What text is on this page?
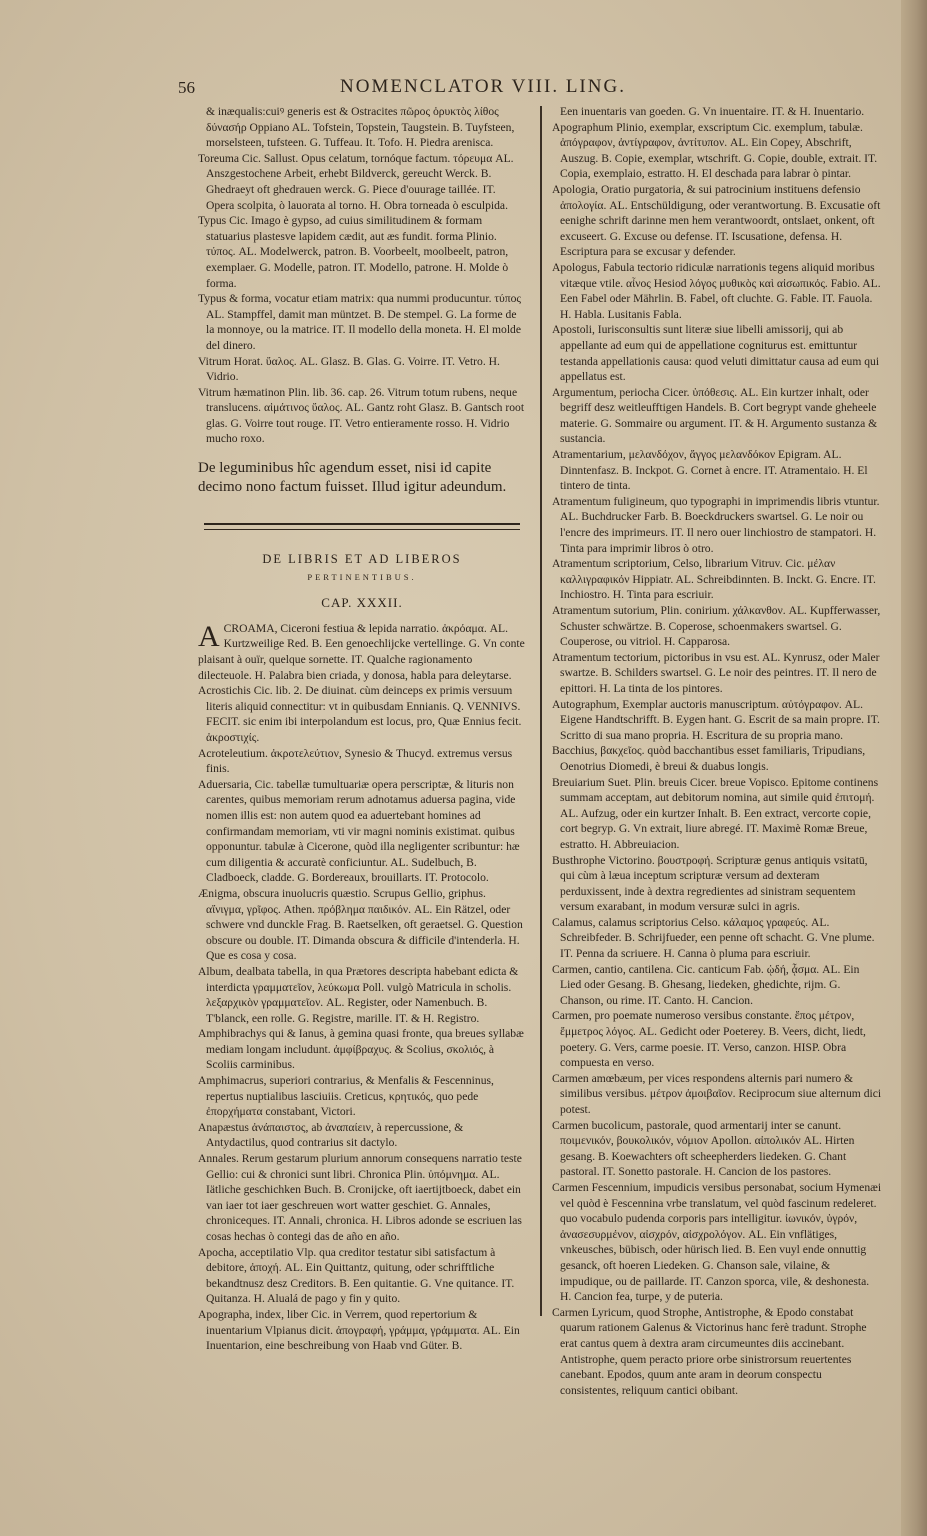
56	NOMENCLATOR VIII. LING.

& inæqualis:cuiꝰ generis est & Ostracites πῶρος ὀρυκτὸς λίθος δύνασήρ Oppiano AL. Tofstein, Topstein, Taugstein. B. Tuyfsteen, morselsteen, tufsteen. G. Tuffeau. It. Tofo. H. Piedra arenisca.

Toreuma Cic. Sallust. Opus celatum, tornóque factum. τόρευμα AL. Anszgestochene Arbeit, erhebt Bildverck, gereucht Werck. B. Ghedraeyt oft ghedrauen werck. G. Piece d'ouurage taillée. IT. Opera scolpita, ò lauorata al torno. H. Obra torneada ò esculpida.

Typus Cic. Imago è gypso, ad cuius similitudinem & formam statuarius plastesve lapidem cædit, aut æs fundit. forma Plinio. τύπος. AL. Modelwerck, patron. B. Voorbeelt, moolbeelt, patron, exemplaer. G. Modelle, patron. IT. Modello, patrone. H. Molde ò forma.

Typus & forma, vocatur etiam matrix: qua nummi producuntur. τύπος AL. Stampffel, damit man müntzet. B. De stempel. G. La forme de la monnoye, ou la matrice. IT. Il modello della moneta. H. El molde del dinero.

Vitrum Horat. ὕαλος. AL. Glasz. B. Glas. G. Voirre. IT. Vetro. H. Vidrio.

Vitrum hæmatinon Plin. lib. 36. cap. 26. Vitrum totum rubens, neque translucens. αἱμάτινος ὕαλος. AL. Gantz roht Glasz. B. Gantsch root glas. G. Voirre tout rouge. IT. Vetro entieramente rosso. H. Vidrio mucho roxo.

De leguminibus hîc agendum esset, nisi id capite decimo nono factum fuisset. Illud igitur adeundum.

DE LIBRIS ET AD LIBEROS

PERTINENTIBUS.

CAP. XXXII.

ACROAMA, Ciceroni festiua & lepida narratio. ἀκρόαμα. AL. Kurtzweilige Red. B. Een genoechlijcke vertellinge. G. Vn conte plaisant à ouïr, quelque sornette. IT. Qualche ragionamento dilecteuole. H. Palabra bien criada, y donosa, habla para deleytarse.

Acrostichis Cic. lib. 2. De diuinat. cùm deinceps ex primis versuum literis aliquid connectitur: vt in quibusdam Ennianis. Q. VENNIVS. FECIT. sic enim ibi interpolandum est locus, pro, Quæ Ennius fecit. ἀκροστιχίς.

Acroteleutium. ἀκροτελεύτιον, Synesio & Thucyd. extremus versus finis.

Aduersaria, Cic. tabellæ tumultuariæ opera perscriptæ, & lituris non carentes, quibus memoriam rerum adnotamus aduersa pagina, vide nomen illis est: non autem quod ea aduertebant homines ad confirmandam memoriam, vti vir magni nominis existimat. quibus opponuntur. tabulæ à Cicerone, quòd illa negligenter scribuntur: hæ cum diligentia & accuratè conficiuntur. AL. Sudelbuch, B. Cladboeck, cladde. G. Bordereaux, brouillarts. IT. Protocolo.

Ænigma, obscura inuolucris quæstio. Scrupus Gellio, griphus. αἴνιγμα, γρῖφος. Athen. πρόβλημα παιδικόν. AL. Ein Rätzel, oder schwere vnd dunckle Frag. B. Raetselken, oft geraetsel. G. Question obscure ou double. IT. Dimanda obscura & difficile d'intenderla. H. Que es cosa y cosa.

Album, dealbata tabella, in qua Prætores descripta habebant edicta & interdicta γραμματεῖον, λεύκωμα Poll. vulgò Matricula in scholis. λεξαρχικὸν γραμματεῖον. AL. Register, oder Namenbuch. B. T'blanck, een rolle. G. Registre, marille. IT. & H. Registro.

Amphibrachys qui & Ianus, à gemina quasi fronte, qua breues syllabæ mediam longam includunt. ἀμφίβραχυς. & Scolius, σκολιός, à Scoliis carminibus.

Amphimacrus, superiori contrarius, & Menfalis & Fescenninus, repertus nuptialibus lasciuiis. Creticus, κρητικός, quo pede ἐπορχήματα constabant, Victori.

Anapæstus ἀνάπαιστος, ab ἀναπαίειν, à repercussione, & Antydactilus, quod contrarius sit dactylo.

Annales. Rerum gestarum plurium annorum consequens narratio teste Gellio: cui & chronici sunt libri. Chronica Plin. ὑπόμνημα. AL. Iätliche geschichken Buch. B. Cronijcke, oft iaertijtboeck, dabet ein van iaer tot iaer geschreuen wort watter geschiet. G. Annales, chroniceques. IT. Annali, chronica. H. Libros adonde se escriuen las cosas hechas ò contegi das de año en año.

Apocha, acceptilatio Vlp. qua creditor testatur sibi satisfactum à debitore, ἀποχή. AL. Ein Quittantz, quitung, oder schrifftliche bekandtnusz desz Creditors. B. Een quitantie. G. Vne quitance. IT. Quitanza. H. Alualá de pago y fin y quito.

Apographa, index, liber Cic. in Verrem, quod repertorium & inuentarium Vlpianus dicit. ἀπογραφή, γράμμα, γράμματα. AL. Ein Inuentarion, eine beschreibung von Haab vnd Güter. B.

Een inuentaris van goeden. G. Vn inuentaire. IT. & H. Inuentario.

Apographum Plinio, exemplar, exscriptum Cic. exemplum, tabulæ. ἀπόγραφον, ἀντίγραφον, ἀντίτυπον. AL. Ein Copey, Abschrift, Auszug. B. Copie, exemplar, wtschrift. G. Copie, double, extrait. IT. Copia, exemplaio, estratto. H. El deschada para labrar ò pintar.

Apologia, Oratio purgatoria, & sui patrocinium instituens defensio ἀπολογία. AL. Entschüldigung, oder verantwortung. B. Excusatie oft eenighe schrift darinne men hem verantwoordt, ontslaet, onkent, oft excuseert. G. Excuse ou defense. IT. Iscusatione, defensa. H. Escriptura para se excusar y defender.

Apologus, Fabula tectorio ridiculæ narrationis tegens aliquid moribus vitæque vtile. αἶνος Hesiod λόγος μυθικὸς καὶ αἰσωπικός. Fabio. AL. Een Fabel oder Mährlin. B. Fabel, oft cluchte. G. Fable. IT. Fauola. H. Habla. Lusitanis Fabla.

Apostoli, Iurisconsultis sunt literæ siue libelli amissorij, qui ab appellante ad eum qui de appellatione cogniturus est. emittuntur testanda appellationis causa: quod veluti dimittatur causa ad eum qui appellatus est.

Argumentum, periocha Cicer. ὑπόθεσις. AL. Ein kurtzer inhalt, oder begriff desz weitleufftigen Handels. B. Cort begrypt vande gheheele materie. G. Sommaire ou argument. IT. & H. Argumento sustanza & sustancia.

Atramentarium, μελανδόχον, ἄγγος μελανδόκον Epigram. AL. Dinntenfasz. B. Inckpot. G. Cornet à encre. IT. Atramentaio. H. El tintero de tinta.

Atramentum fuligineum, quo typographi in imprimendis libris vtuntur. AL. Buchdrucker Farb. B. Boeckdruckers swartsel. G. Le noir ou l'encre des imprimeurs. IT. Il nero ouer linchiostro de stampatori. H. Tinta para imprimir libros ò otro.

Atramentum scriptorium, Celso, librarium Vitruv. Cic. μέλαν καλλιγραφικόν Hippiatr. AL. Schreibdinnten. B. Inckt. G. Encre. IT. Inchiostro. H. Tinta para escriuir.

Atramentum sutorium, Plin. conirium. χάλκανθον. AL. Kupfferwasser, Schuster schwärtze. B. Coperose, schoenmakers swartsel. G. Couperose, ou vitriol. H. Capparosa.

Atramentum tectorium, pictoribus in vsu est. AL. Kynrusz, oder Maler swartze. B. Schilders swartsel. G. Le noir des peintres. IT. Il nero de epittori. H. La tinta de los pintores.

Autographum, Exemplar auctoris manuscriptum. αὐτόγραφον. AL. Eigene Handtschrifft. B. Eygen hant. G. Escrit de sa main propre. IT. Scritto di sua mano propria. H. Escritura de su propria mano.

Bacchius, βακχεῖος. quòd bacchantibus esset familiaris, Tripudians, Oenotrius Diomedi, è breui & duabus longis.

Breuiarium Suet. Plin. breuis Cicer. breue Vopisco. Epitome continens summam acceptam, aut debitorum nomina, aut simile quid ἐπιτομή. AL. Aufzug, oder ein kurtzer Inhalt. B. Een extract, vercorte copie, cort begryp. G. Vn extrait, liure abregé. IT. Maximè Romæ Breue, estratto. H. Abbreuiacion.

Busthrophe Victorino. βουστροφή. Scripturæ genus antiquis vsitatū, qui cùm à læua inceptum scripturæ versum ad dexteram perduxissent, inde à dextra regredientes ad sinistram sequentem versum exarabant, in modum versuræ sulci in agris.

Calamus, calamus scriptorius Celso. κάλαμος γραφεύς. AL. Schreibfeder. B. Schrijfueder, een penne oft schacht. G. Vne plume. IT. Penna da scriuere. H. Canna ò pluma para escriuir.

Carmen, cantio, cantilena. Cic. canticum Fab. ᾠδή, ᾆσμα. AL. Ein Lied oder Gesang. B. Ghesang, liedeken, ghedichte, rijm. G. Chanson, ou rime. IT. Canto. H. Cancion.

Carmen, pro poemate numeroso versibus constante. ἔπος μέτρον, ἔμμετρος λόγος. AL. Gedicht oder Poeterey. B. Veers, dicht, liedt, poetery. G. Vers, carme poesie. IT. Verso, canzon. HISP. Obra compuesta en verso.

Carmen amœbæum, per vices respondens alternis pari numero & similibus versibus. μέτρον ἀμοιβαῖον. Reciprocum siue alternum dici potest.

Carmen bucolicum, pastorale, quod armentarij inter se canunt. ποιμενικόν, βουκολικόν, νόμιον Apollon. αἰπολικόν AL. Hirten gesang. B. Koewachters oft scheepherders liedeken. G. Chant pastoral. IT. Sonetto pastorale. H. Cancion de los pastores.

Carmen Fescennium, impudicis versibus personabat, socium Hymenæi vel quòd è Fescennina vrbe translatum, vel quòd fascinum redeleret. quo vocabulo pudenda corporis pars intelligitur. ἰωνικόν, ὑγρόν, ἀνασεσυρμένον, αἰσχρόν, αἰσχρολόγον. AL. Ein vnflätiges, vnkeusches, bübisch, oder hürisch lied. B. Een vuyl ende onnuttig gesanck, oft hoeren Liedeken. G. Chanson sale, vilaine, & impudique, ou de paillarde. IT. Canzon sporca, vile, & deshonesta. H. Cancion fea, turpe, y de puteria.

Carmen Lyricum, quod Strophe, Antistrophe, & Epodo constabat quarum rationem Galenus & Victorinus hanc ferè tradunt. Strophe erat cantus quem à dextra aram circumeuntes diis accinebant. Antistrophe, quem peracto priore orbe sinistrorsum reuertentes canebant. Epodos, quum ante aram in deorum conspectu consistentes, reliquum cantici obibant.
